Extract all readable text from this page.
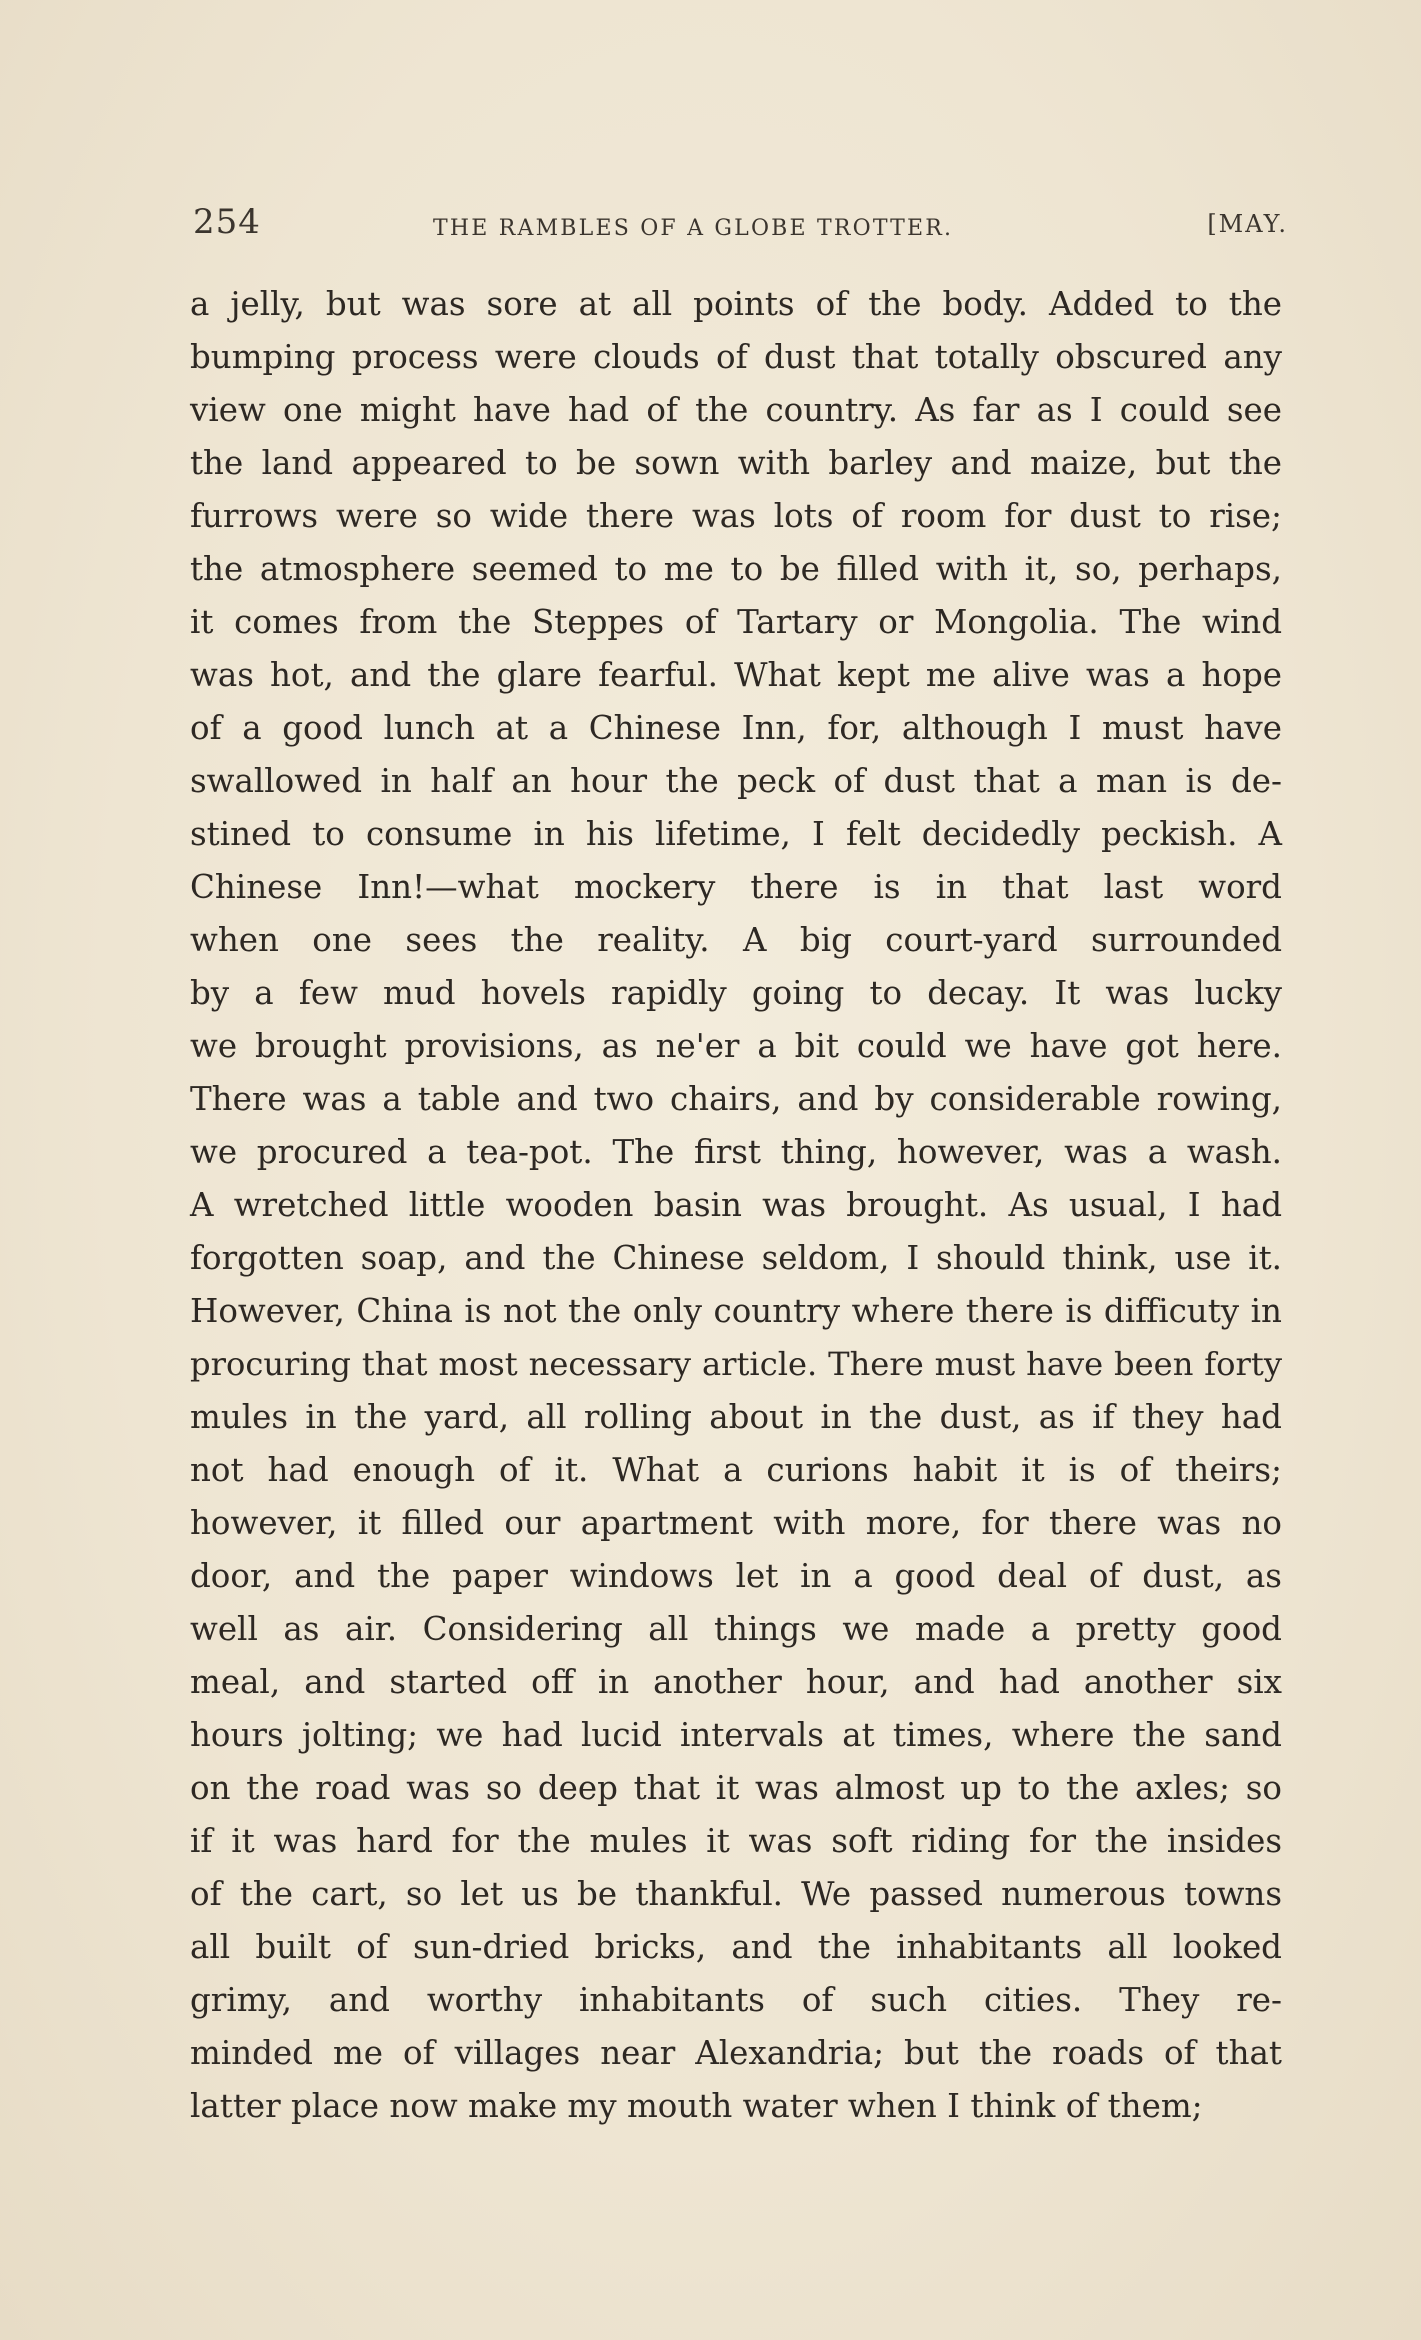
254	THE RAMBLES OF A GLOBE TROTTER.	[MAY.
a jelly, but was sore at all points of the body. Added to the
bumping process were clouds of dust that totally obscured any
view one might have had of the country. As far as I could see
the land appeared to be sown with barley and maize, but the
furrows were so wide there was lots of room for dust to rise;
the atmosphere seemed to me to be filled with it, so, perhaps,
it comes from the Steppes of Tartary or Mongolia. The wind
was hot, and the glare fearful. What kept me alive was a hope
of a good lunch at a Chinese Inn, for, although I must have
swallowed in half an hour the peck of dust that a man is de-
stined to consume in his lifetime, I felt decidedly peckish. A
Chinese Inn!—what mockery there is in that last word
when one sees the reality. A big court-yard surrounded
by a few mud hovels rapidly going to decay. It was lucky
we brought provisions, as ne'er a bit could we have got here.
There was a table and two chairs, and by considerable rowing,
we procured a tea-pot. The first thing, however, was a wash.
A wretched little wooden basin was brought. As usual, I had
forgotten soap, and the Chinese seldom, I should think, use it.
However, China is not the only country where there is difficuty in
procuring that most necessary article. There must have been forty
mules in the yard, all rolling about in the dust, as if they had
not had enough of it. What a curions habit it is of theirs;
however, it filled our apartment with more, for there was no
door, and the paper windows let in a good deal of dust, as
well as air. Considering all things we made a pretty good
meal, and started off in another hour, and had another six
hours jolting; we had lucid intervals at times, where the sand
on the road was so deep that it was almost up to the axles; so
if it was hard for the mules it was soft riding for the insides
of the cart, so let us be thankful. We passed numerous towns
all built of sun-dried bricks, and the inhabitants all looked
grimy, and worthy inhabitants of such cities. They re-
minded me of villages near Alexandria; but the roads of that
latter place now make my mouth water when I think of them;
